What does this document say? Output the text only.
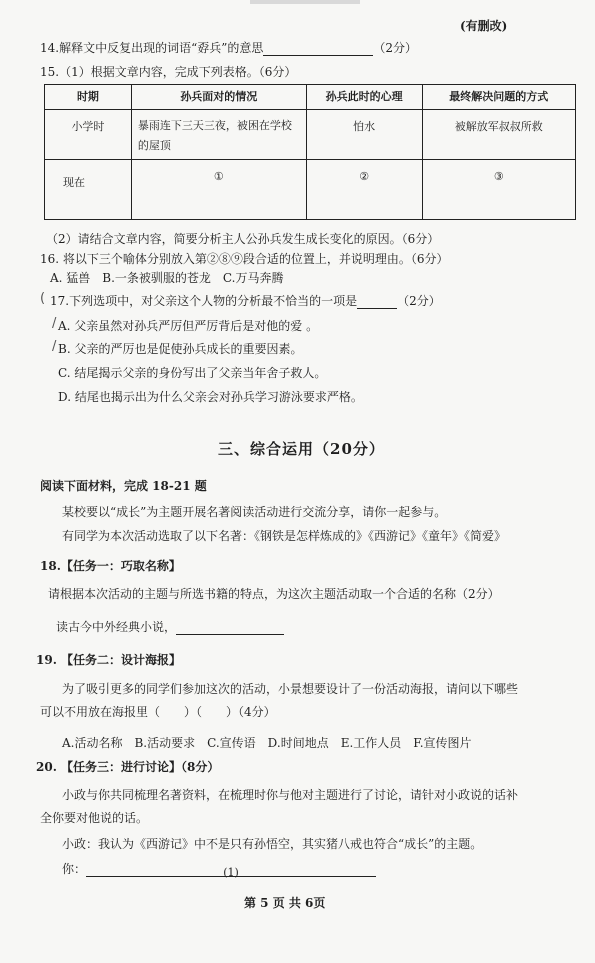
(有删改)
14.解释文中反复出现的词语“孬兵”的意思	（2分）
15.（1）根据文章内容，完成下列表格。（6分）
时期	孙兵面对的情况	孙兵此时的心理	最终解决问题的方式
小学时	暴雨连下三天三夜，被困在学校的屋顶	怕水	被解放军叔叔所救
现在	①	②	③
（2）请结合文章内容，简要分析主人公孙兵发生成长变化的原因。（6分）
16. 将以下三个喻体分别放入第②⑧⑨段合适的位置上，并说明理由。（6分）
A. 猛兽　B.一条被驯服的苍龙　C.万马奔腾
17.下列选项中，对父亲这个人物的分析最不恰当的一项是	（2分）
(
A. 父亲虽然对孙兵严厉但严厉背后是对他的爱 。
/
B. 父亲的严厉也是促使孙兵成长的重要因素。
/
C. 结尾揭示父亲的身份写出了父亲当年舍子救人。
D. 结尾也揭示出为什么父亲会对孙兵学习游泳要求严格。
三、综合运用（20分）
阅读下面材料，完成 18-21 题
某校要以“成长”为主题开展名著阅读活动进行交流分享，请你一起参与。
有同学为本次活动选取了以下名著：《钢铁是怎样炼成的》《西游记》《童年》《简爱》
18.【任务一：巧取名称】
请根据本次活动的主题与所选书籍的特点，为这次主题活动取一个合适的名称（2分）
读古今中外经典小说，
19. 【任务二：设计海报】
为了吸引更多的同学们参加这次的活动，小景想要设计了一份活动海报，请问以下哪些
可以不用放在海报里（　　）（　　）（4分）
A.活动名称　B.活动要求　C.宣传语　D.时间地点　E.工作人员　F.宣传图片
20. 【任务三：进行讨论】（8分）
小政与你共同梳理名著资料，在梳理时你与他对主题进行了讨论，请针对小政说的话补
全你要对他说的话。
小政：我认为《西游记》中不是只有孙悟空，其实猪八戒也符合“成长”的主题。
你：	(1)
第 5 页 共 6页
